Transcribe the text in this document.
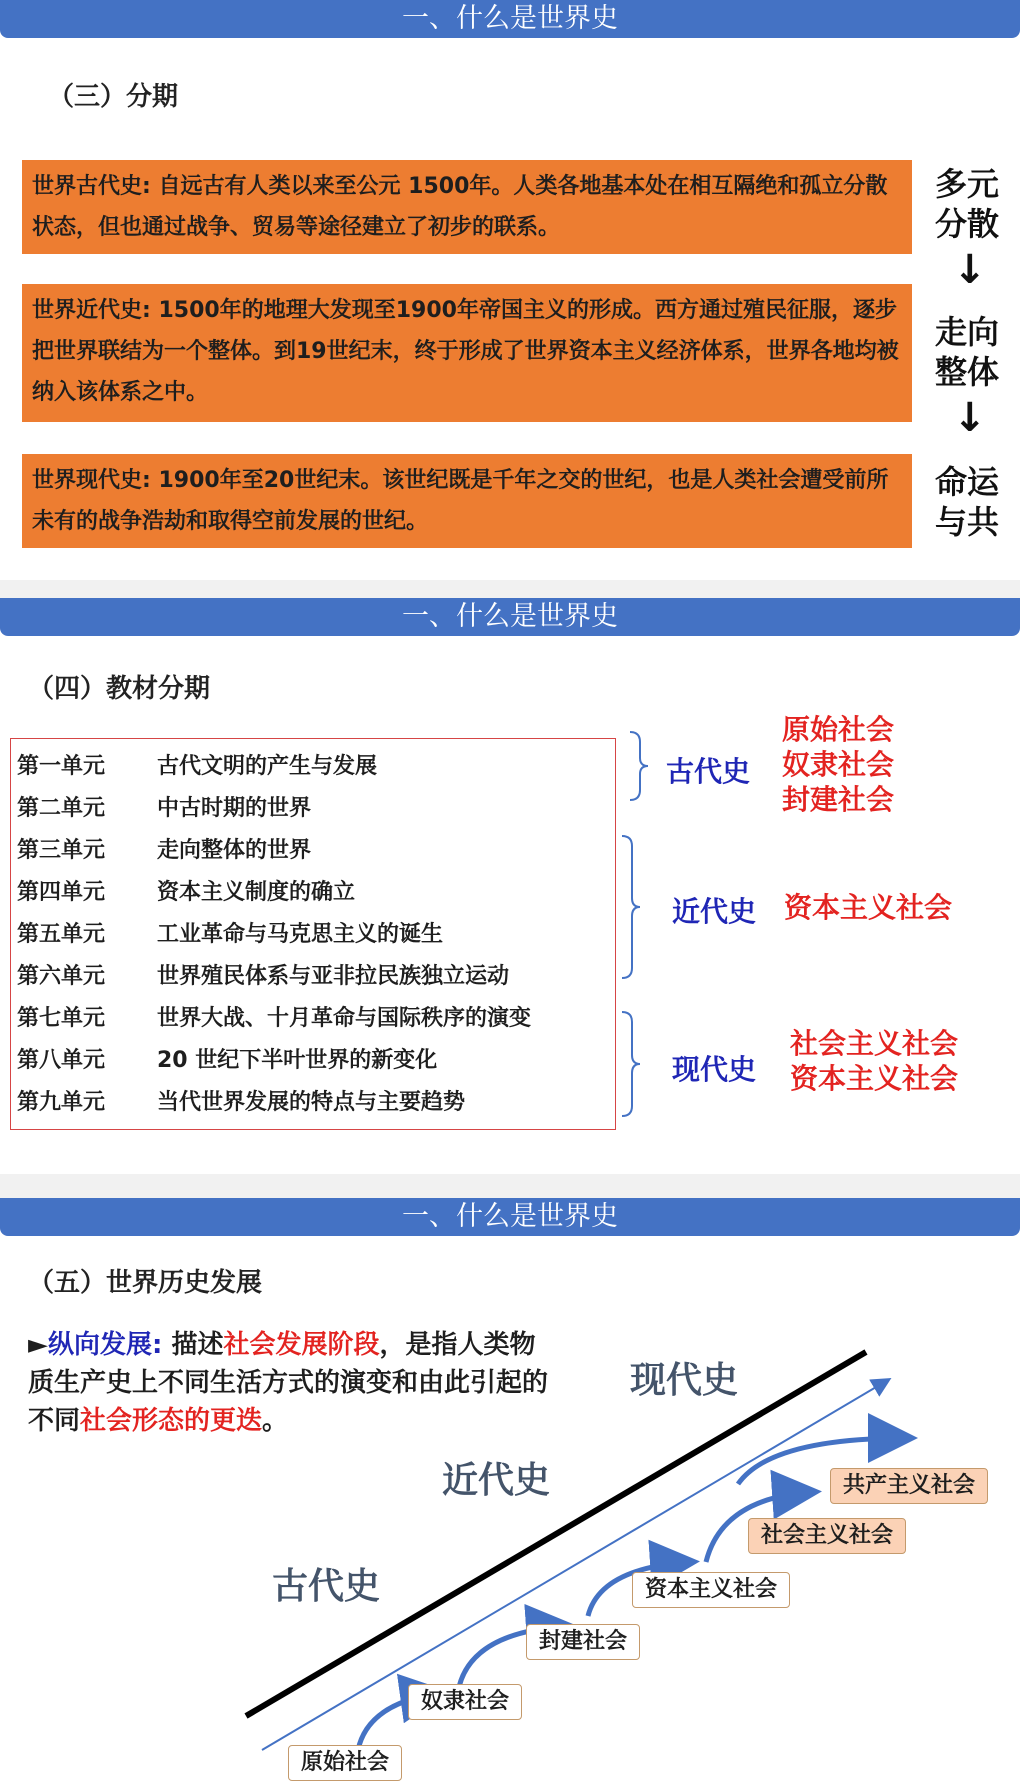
一、什么是世界史
（三）分期
世界古代史: 自远古有人类以来至公元 1500年。人类各地基本处在相互隔绝和孤立分散状态，但也通过战争、贸易等途径建立了初步的联系。
世界近代史: 1500年的地理大发现至1900年帝国主义的形成。西方通过殖民征服，逐步把世界联结为一个整体。到19世纪末，终于形成了世界资本主义经济体系，世界各地均被纳入该体系之中。
世界现代史: 1900年至20世纪末。该世纪既是千年之交的世纪，也是人类社会遭受前所未有的战争浩劫和取得空前发展的世纪。
多元分散
↓
走向整体
↓
命运与共
一、什么是世界史
（四）教材分期
第一单元 古代文明的产生与发展
第二单元 中古时期的世界
第三单元 走向整体的世界
第四单元 资本主义制度的确立
第五单元 工业革命与马克思主义的诞生
第六单元 世界殖民体系与亚非拉民族独立运动
第七单元 世界大战、十月革命与国际秩序的演变
第八单元 20 世纪下半叶世界的新变化
第九单元 当代世界发展的特点与主要趋势
古代史
近代史
现代史
原始社会
奴隶社会
封建社会
资本主义社会
社会主义社会
资本主义社会
一、什么是世界史
（五）世界历史发展
►纵向发展: 描述社会发展阶段，是指人类物质生产史上不同生活方式的演变和由此引起的不同社会形态的更迭。
古代史
近代史
现代史
原始社会
奴隶社会
封建社会
资本主义社会
社会主义社会
共产主义社会
